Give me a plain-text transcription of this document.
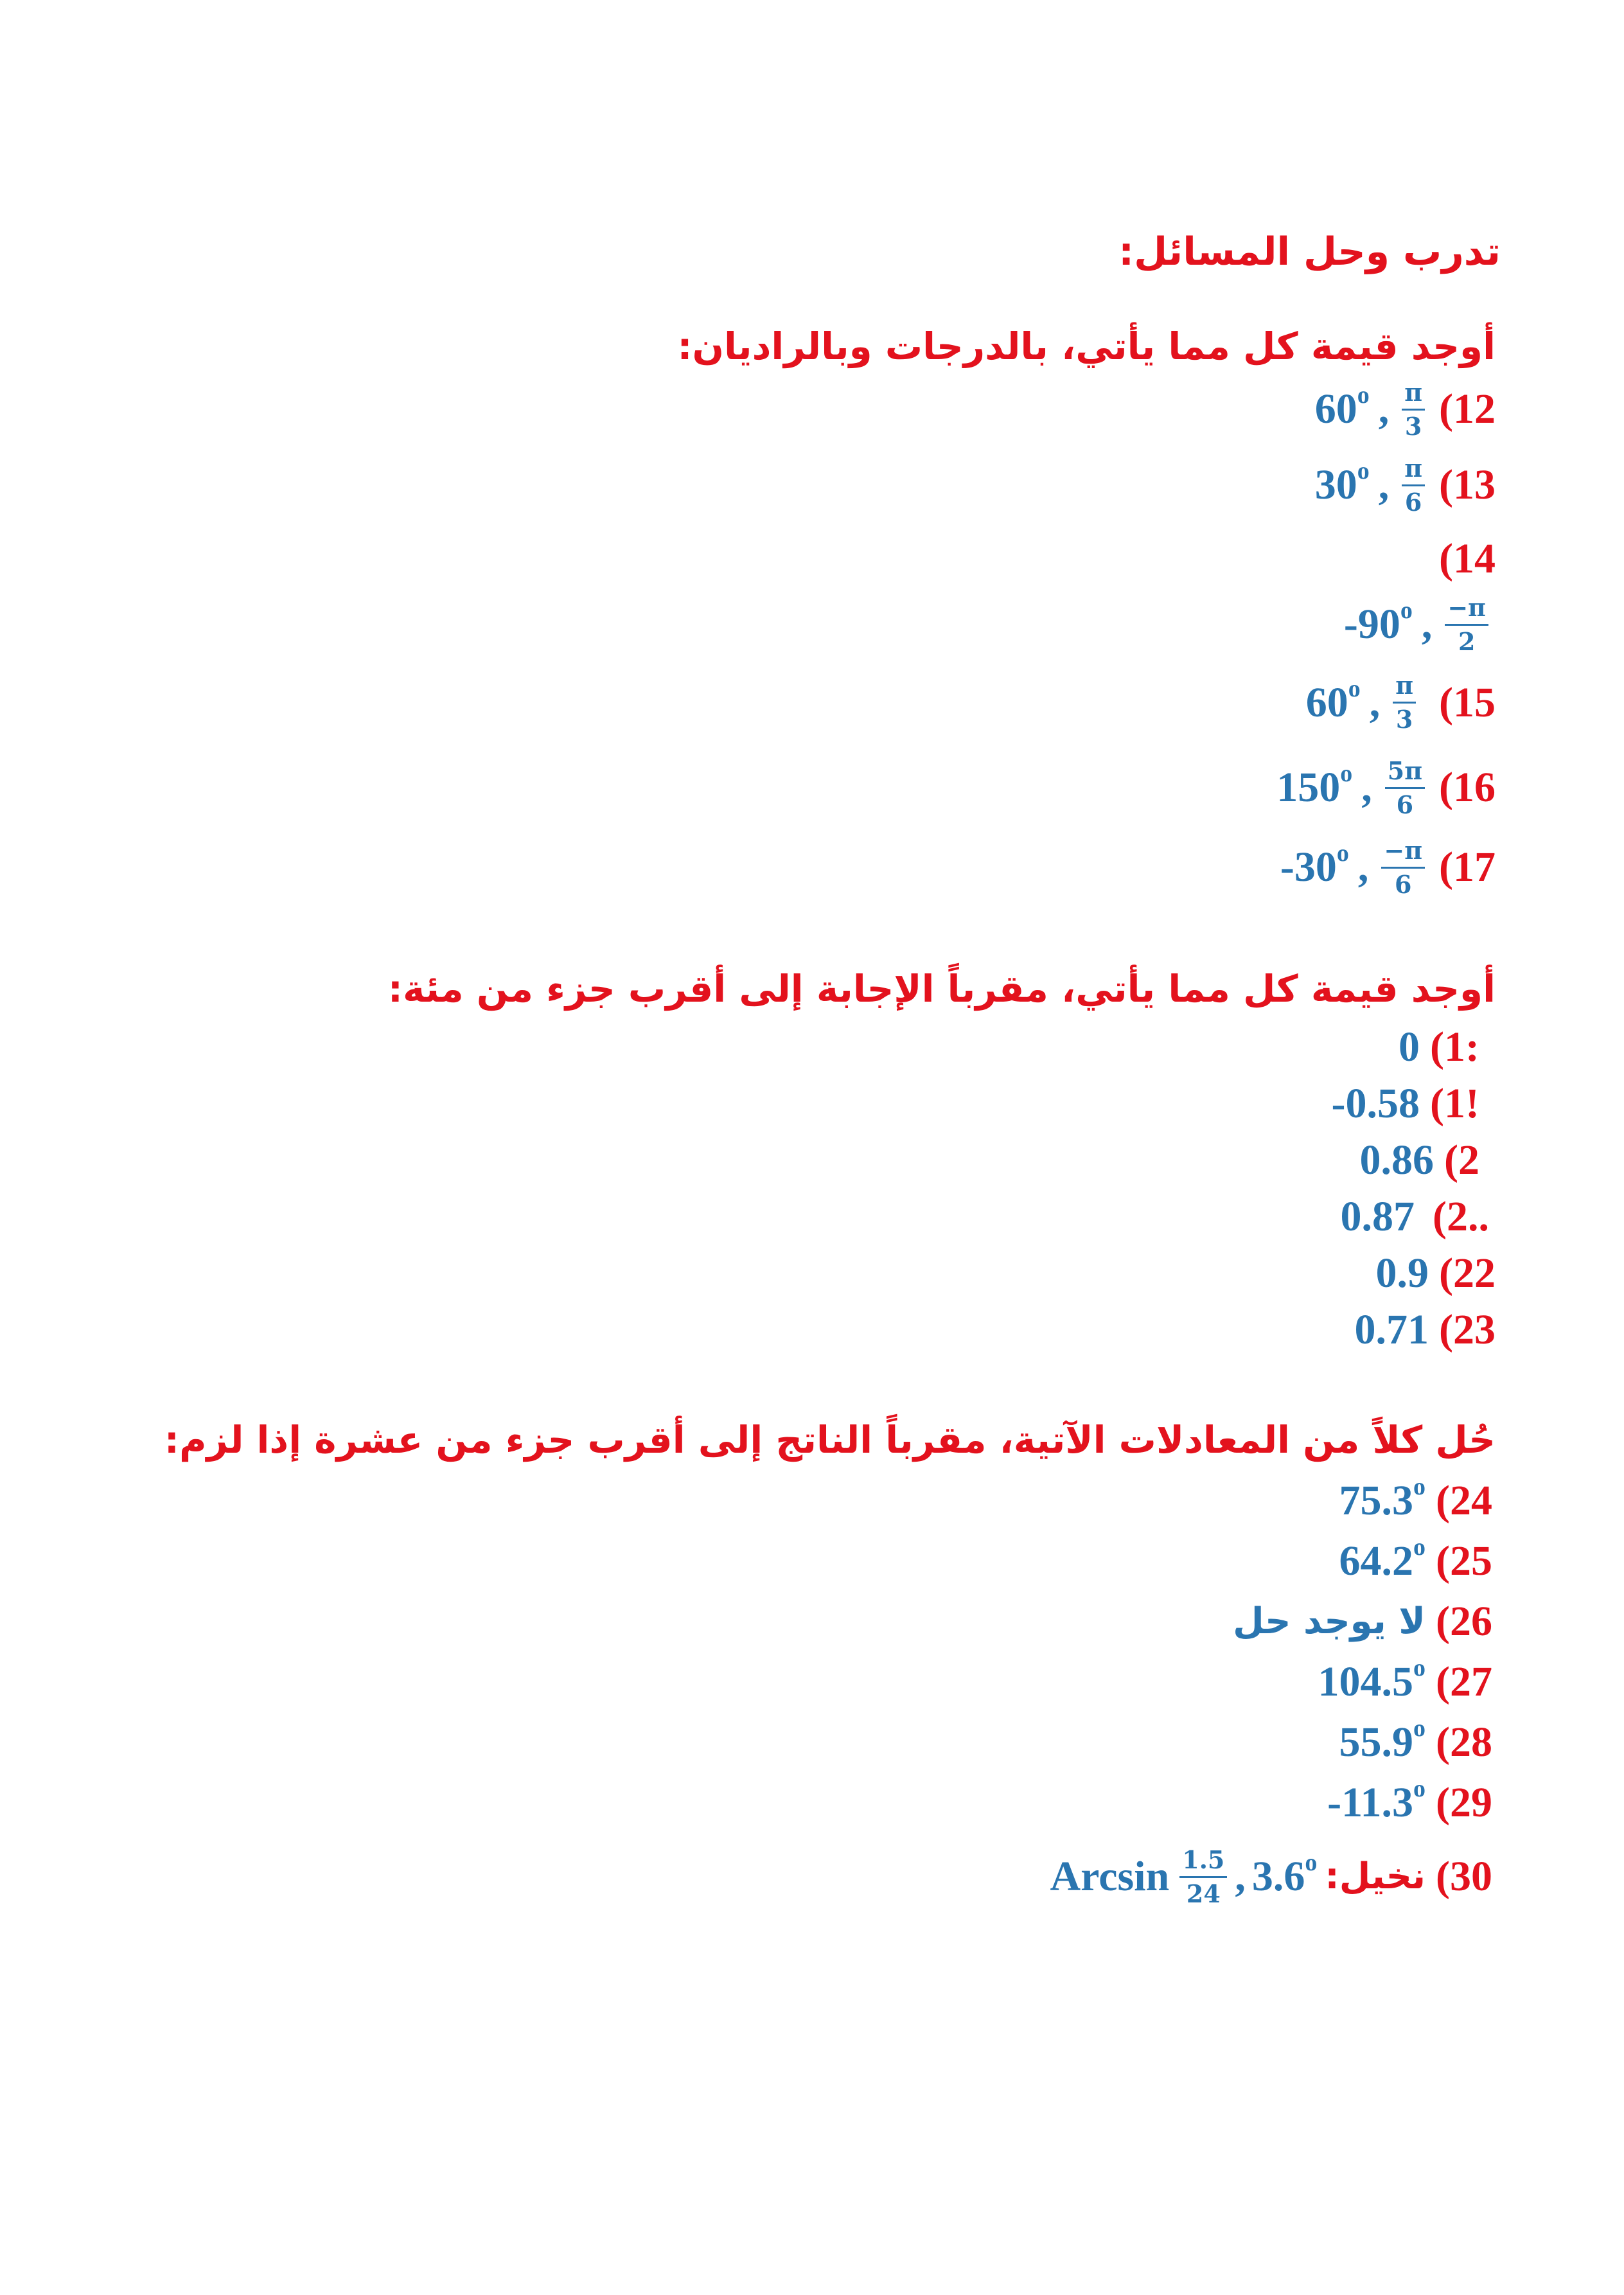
تدرب وحل المسائل:
أوجد قيمة كل مما يأتي، بالدرجات وبالراديان:
60 o , $\frac{\pi}{3} (12$
30 o , $\frac{\pi}{6} (13$
(14
-90 o , $\frac{-\pi}{2}$
60 o , $\frac{\pi}{3} (15$
150 o , $\frac{5\pi}{6} (16$
-30 o , $\frac{-\pi}{6} (17$
أوجد قيمة كل مما يأتي، مقرباً الإجابة إلى أقرب جزء من مئة:
0 (1:
-0.58 (1!
0.86 (2
0.87 (2..
0.9 (22
0.71 (23
حُل كلاً من المعادلات الآتية، مقرباً الناتج إلى أقرب جزء من عشرة إذا لزم:
75.3 o (24
64.2 o (25
لا يوجد حل (26
104.5 o (27
55.9 o (28
-11.3 o (29
Arcsin $\frac{1.5}{24}$ , 3.6 o نخيل: (30
